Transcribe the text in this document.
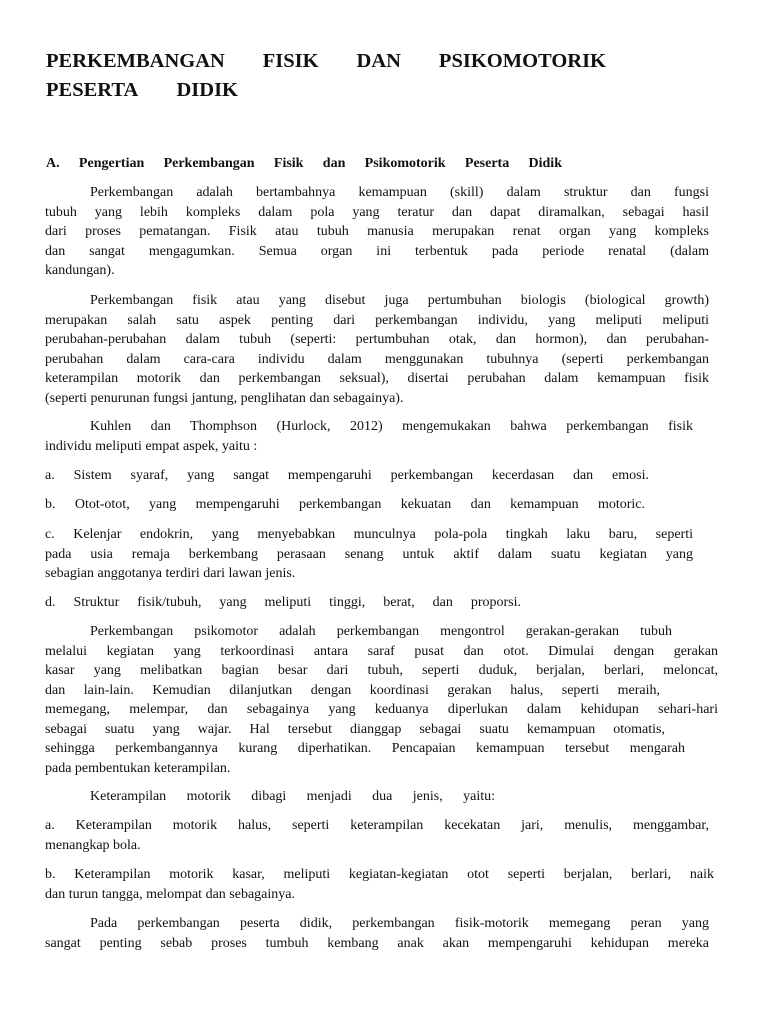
PERKEMBANGAN FISIK DAN PSIKOMOTORIK
PESERTA DIDIK
A. Pengertian Perkembangan Fisik dan Psikomotorik Peserta Didik

Perkembangan adalah bertambahnya kemampuan (skill) dalam struktur dan fungsi
tubuh yang lebih kompleks dalam pola yang teratur dan dapat diramalkan, sebagai hasil
dari proses pematangan. Fisik atau tubuh manusia merupakan renat organ yang kompleks
dan sangat mengagumkan. Semua organ ini terbentuk pada periode renatal (dalam
kandungan).

Perkembangan fisik atau yang disebut juga pertumbuhan biologis (biological growth)
merupakan salah satu aspek penting dari perkembangan individu, yang meliputi meliputi
perubahan-perubahan dalam tubuh (seperti: pertumbuhan otak, dan hormon), dan perubahan-
perubahan dalam cara-cara individu dalam menggunakan tubuhnya (seperti perkembangan
keterampilan motorik dan perkembangan seksual), disertai perubahan dalam kemampuan fisik
(seperti penurunan fungsi jantung, penglihatan dan sebagainya).

Kuhlen dan Thomphson (Hurlock, 2012) mengemukakan bahwa perkembangan fisik
individu meliputi empat aspek, yaitu :

a. Sistem syaraf, yang sangat mempengaruhi perkembangan kecerdasan dan emosi.

b. Otot-otot, yang mempengaruhi perkembangan kekuatan dan kemampuan motoric.

c. Kelenjar endokrin, yang menyebabkan munculnya pola-pola tingkah laku baru, seperti
pada usia remaja berkembang perasaan senang untuk aktif dalam suatu kegiatan yang
sebagian anggotanya terdiri dari lawan jenis.

d. Struktur fisik/tubuh, yang meliputi tinggi, berat, dan proporsi.

Perkembangan psikomotor adalah perkembangan mengontrol gerakan-gerakan tubuh
melalui kegiatan yang terkoordinasi antara saraf pusat dan otot. Dimulai dengan gerakan
kasar yang melibatkan bagian besar dari tubuh, seperti duduk, berjalan, berlari, meloncat,
dan lain-lain. Kemudian dilanjutkan dengan koordinasi gerakan halus, seperti meraih,
memegang, melempar, dan sebagainya yang keduanya diperlukan dalam kehidupan sehari-hari
sebagai suatu yang wajar. Hal tersebut dianggap sebagai suatu kemampuan otomatis,
sehingga perkembangannya kurang diperhatikan. Pencapaian kemampuan tersebut mengarah
pada pembentukan keterampilan.

Keterampilan motorik dibagi menjadi dua jenis, yaitu:

a. Keterampilan motorik halus, seperti keterampilan kecekatan jari, menulis, menggambar,
menangkap bola.

b. Keterampilan motorik kasar, meliputi kegiatan-kegiatan otot seperti berjalan, berlari, naik
dan turun tangga, melompat dan sebagainya.

Pada perkembangan peserta didik, perkembangan fisik-motorik memegang peran yang
sangat penting sebab proses tumbuh kembang anak akan mempengaruhi kehidupan mereka
